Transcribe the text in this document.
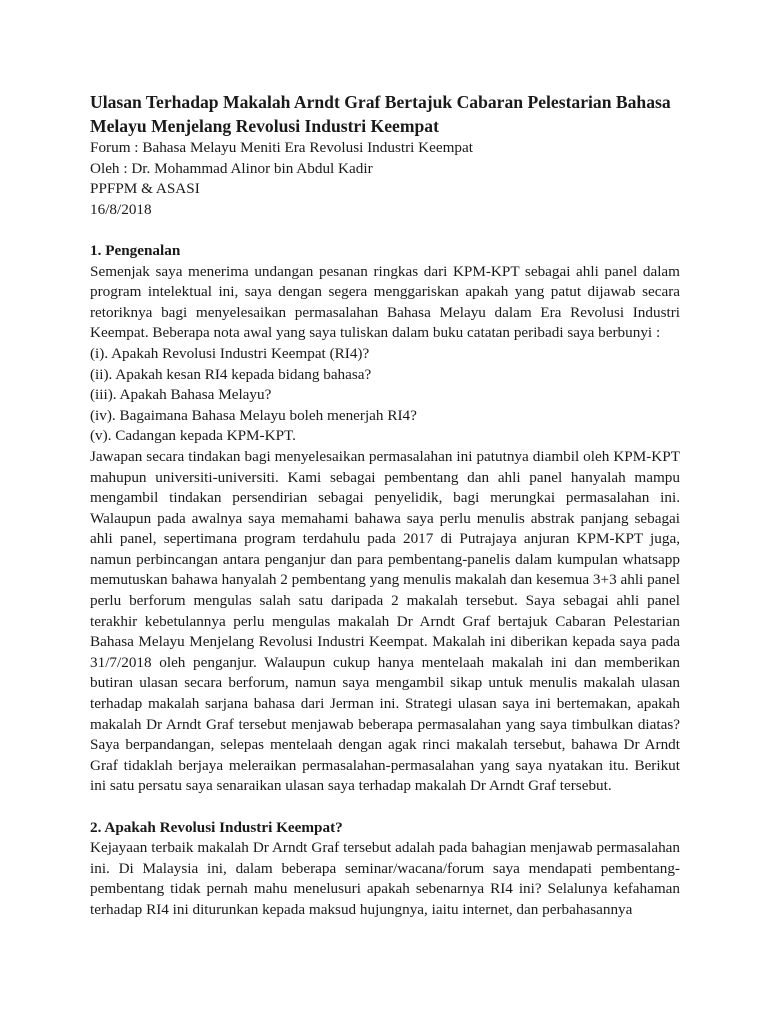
Ulasan Terhadap Makalah Arndt Graf Bertajuk Cabaran Pelestarian Bahasa Melayu Menjelang Revolusi Industri Keempat

Forum : Bahasa Melayu Meniti Era Revolusi Industri Keempat

Oleh : Dr. Mohammad Alinor bin Abdul Kadir

PPFPM & ASASI

16/8/2018

1. Pengenalan

Semenjak saya menerima undangan pesanan ringkas dari KPM-KPT sebagai ahli panel dalam program intelektual ini, saya dengan segera menggariskan apakah yang patut dijawab secara retoriknya bagi menyelesaikan permasalahan Bahasa Melayu dalam Era Revolusi Industri Keempat. Beberapa nota awal yang saya tuliskan dalam buku catatan peribadi saya berbunyi :

(i). Apakah Revolusi Industri Keempat (RI4)?

(ii). Apakah kesan RI4 kepada bidang bahasa?

(iii). Apakah Bahasa Melayu?

(iv). Bagaimana Bahasa Melayu boleh menerjah RI4?

(v). Cadangan kepada KPM-KPT.

Jawapan secara tindakan bagi menyelesaikan permasalahan ini patutnya diambil oleh KPM-KPT mahupun universiti-universiti. Kami sebagai pembentang dan ahli panel hanyalah mampu mengambil tindakan persendirian sebagai penyelidik, bagi merungkai permasalahan ini. Walaupun pada awalnya saya memahami bahawa saya perlu menulis abstrak panjang sebagai ahli panel, sepertimana program terdahulu pada 2017 di Putrajaya anjuran KPM-KPT juga, namun perbincangan antara penganjur dan para pembentang-panelis dalam kumpulan whatsapp memutuskan bahawa hanyalah 2 pembentang yang menulis makalah dan kesemua 3+3 ahli panel perlu berforum mengulas salah satu daripada 2 makalah tersebut. Saya sebagai ahli panel terakhir kebetulannya perlu mengulas makalah Dr Arndt Graf bertajuk Cabaran Pelestarian Bahasa Melayu Menjelang Revolusi Industri Keempat. Makalah ini diberikan kepada saya pada 31/7/2018 oleh penganjur. Walaupun cukup hanya mentelaah makalah ini dan memberikan butiran ulasan secara berforum, namun saya mengambil sikap untuk menulis makalah ulasan terhadap makalah sarjana bahasa dari Jerman ini. Strategi ulasan saya ini bertemakan, apakah makalah Dr Arndt Graf tersebut menjawab beberapa permasalahan yang saya timbulkan diatas? Saya berpandangan, selepas mentelaah dengan agak rinci makalah tersebut, bahawa Dr Arndt Graf tidaklah berjaya meleraikan permasalahan-permasalahan yang saya nyatakan itu. Berikut ini satu persatu saya senaraikan ulasan saya terhadap makalah Dr Arndt Graf tersebut.

2. Apakah Revolusi Industri Keempat?

Kejayaan terbaik makalah Dr Arndt Graf tersebut adalah pada bahagian menjawab permasalahan ini. Di Malaysia ini, dalam beberapa seminar/wacana/forum saya mendapati pembentang-pembentang tidak pernah mahu menelusuri apakah sebenarnya RI4 ini? Selalunya kefahaman terhadap RI4 ini diturunkan kepada maksud hujungnya, iaitu internet, dan perbahasannya
